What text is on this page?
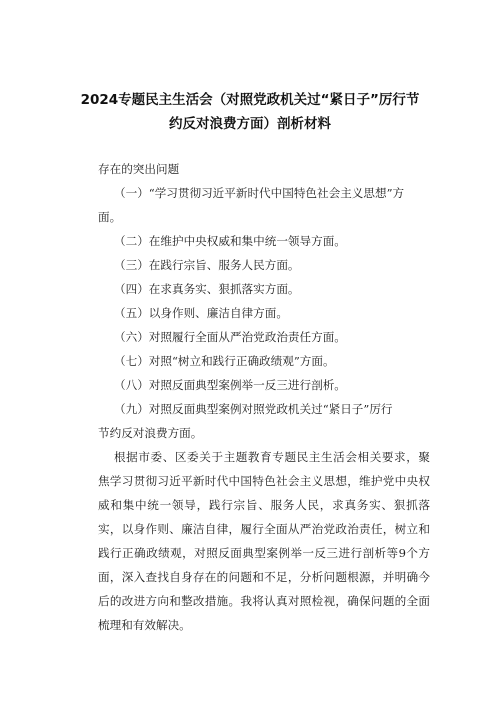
2024专题民主生活会（对照党政机关过“紧日子”厉行节
约反对浪费方面）剖析材料
存在的突出问题
（一）“学习贯彻习近平新时代中国特色社会主义思想”方
面。
（二）在维护中央权威和集中统一领导方面。
（三）在践行宗旨、服务人民方面。
（四）在求真务实、狠抓落实方面。
（五）以身作则、廉洁自律方面。
（六）对照履行全面从严治党政治责任方面。
（七）对照“树立和践行正确政绩观”方面。
（八）对照反面典型案例举一反三进行剖析。
（九）对照反面典型案例对照党政机关过“紧日子”厉行
节约反对浪费方面。
根据市委、区委关于主题教育专题民主生活会相关要求，聚
焦学习贯彻习近平新时代中国特色社会主义思想，维护党中央权
威和集中统一领导，践行宗旨、服务人民，求真务实、狠抓落
实，以身作则、廉洁自律，履行全面从严治党政治责任，树立和
践行正确政绩观，对照反面典型案例举一反三进行剖析等9个方
面，深入查找自身存在的问题和不足，分析问题根源，并明确今
后的改进方向和整改措施。我将认真对照检视，确保问题的全面
梳理和有效解决。
